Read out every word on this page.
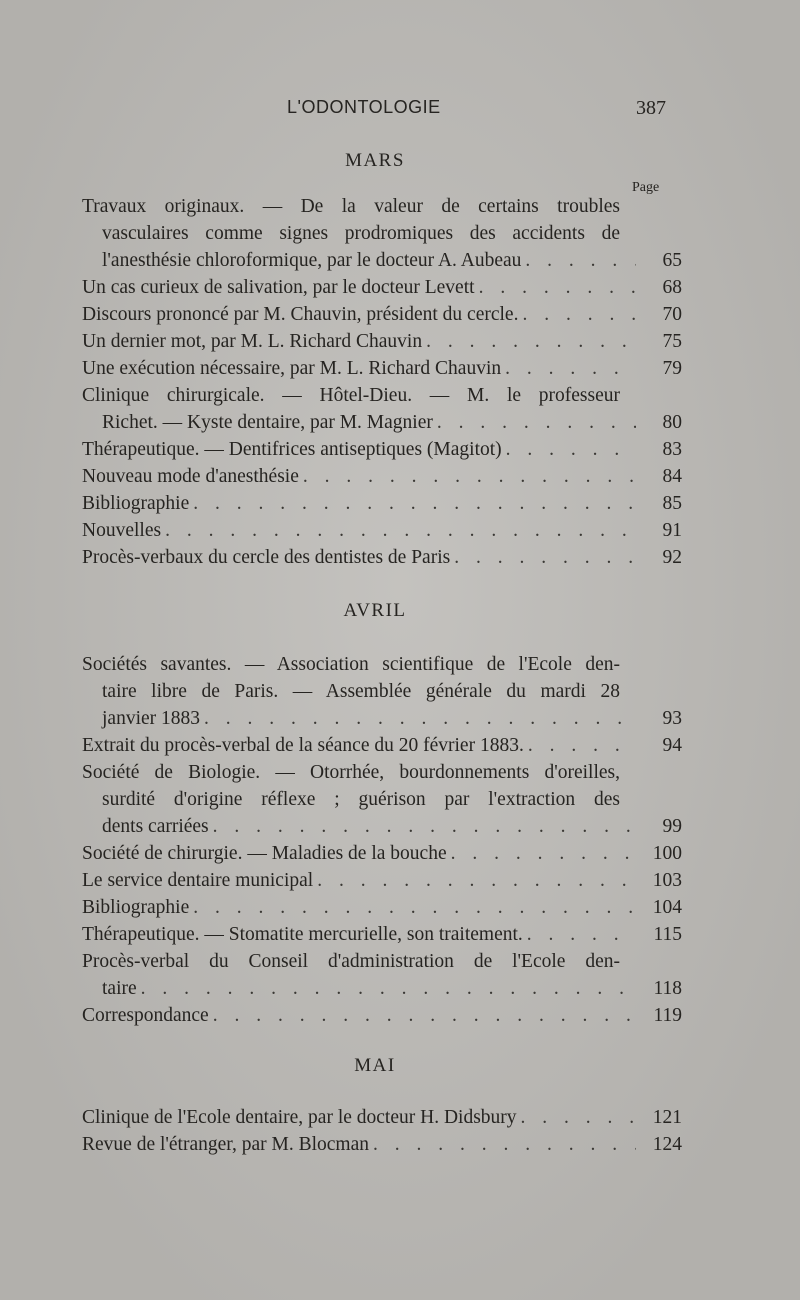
L'ODONTOLOGIE	387
MARS
Page
AVRIL
MAI
Travaux originaux. — De la valeur de certains troubles
vasculaires comme signes prodromiques des accidents de
l'anesthésie chloroformique, par le docteur A. Aubeau . . .	65
Un cas curieux de salivation, par le docteur Levett . . .	68
Discours prononcé par M. Chauvin, président du cercle. . . .	70
Un dernier mot, par M. L. Richard Chauvin . . .	75
Une exécution nécessaire, par M. L. Richard Chauvin . . .	79
Clinique chirurgicale. — Hôtel-Dieu. — M. le professeur
Richet. — Kyste dentaire, par M. Magnier . . .	80
Thérapeutique. — Dentifrices antiseptiques (Magitot) . . .	83
Nouveau mode d'anesthésie . . .	84
Bibliographie . . .	85
Nouvelles . . .	91
Procès-verbaux du cercle des dentistes de Paris . . .	92
Sociétés savantes. — Association scientifique de l'Ecole den-
taire libre de Paris. — Assemblée générale du mardi 28
janvier 1883 . . .	93
Extrait du procès-verbal de la séance du 20 février 1883. . . .	94
Société de Biologie. — Otorrhée, bourdonnements d'oreilles,
surdité d'origine réflexe ; guérison par l'extraction des
dents carriées . . .	99
Société de chirurgie. — Maladies de la bouche . . .	100
Le service dentaire municipal . . .	103
Bibliographie . . .	104
Thérapeutique. — Stomatite mercurielle, son traitement. . . .	115
Procès-verbal du Conseil d'administration de l'Ecole den-
taire . . .	118
Correspondance . . .	119
Clinique de l'Ecole dentaire, par le docteur H. Didsbury . . .	121
Revue de l'étranger, par M. Blocman . . .	124
